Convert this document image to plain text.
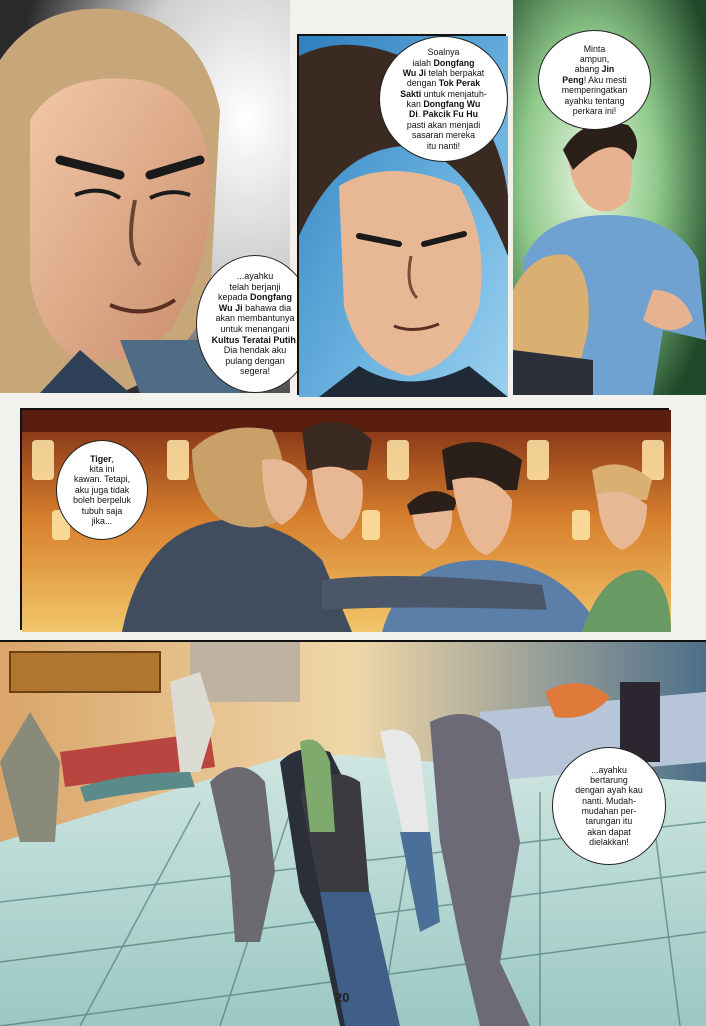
...ayahku
telah berjanji
kepada Dongfang
Wu Ji bahawa dia
akan membantunya
untuk menangani
Kultus Teratai Putih.
Dia hendak aku
pulang dengan
segera!
Soalnya
ialah Dongfang
Wu Ji telah berpakat
dengan Tok Perak
Sakti untuk menjatuh-
kan Dongfang Wu
Di. Pakcik Fu Hu
pasti akan menjadi
sasaran mereka
itu nanti!
Minta
ampun,
abang Jin
Peng! Aku mesti
memperingatkan
ayahku tentang
perkara ini!
Tiger,
kita ini
kawan. Tetapi,
aku juga tidak
boleh berpeluk
tubuh saja
jika...
...ayahku
bertarung
dengan ayah kau
nanti. Mudah-
mudahan per-
tarungan itu
akan dapat
dielakkan!
20
